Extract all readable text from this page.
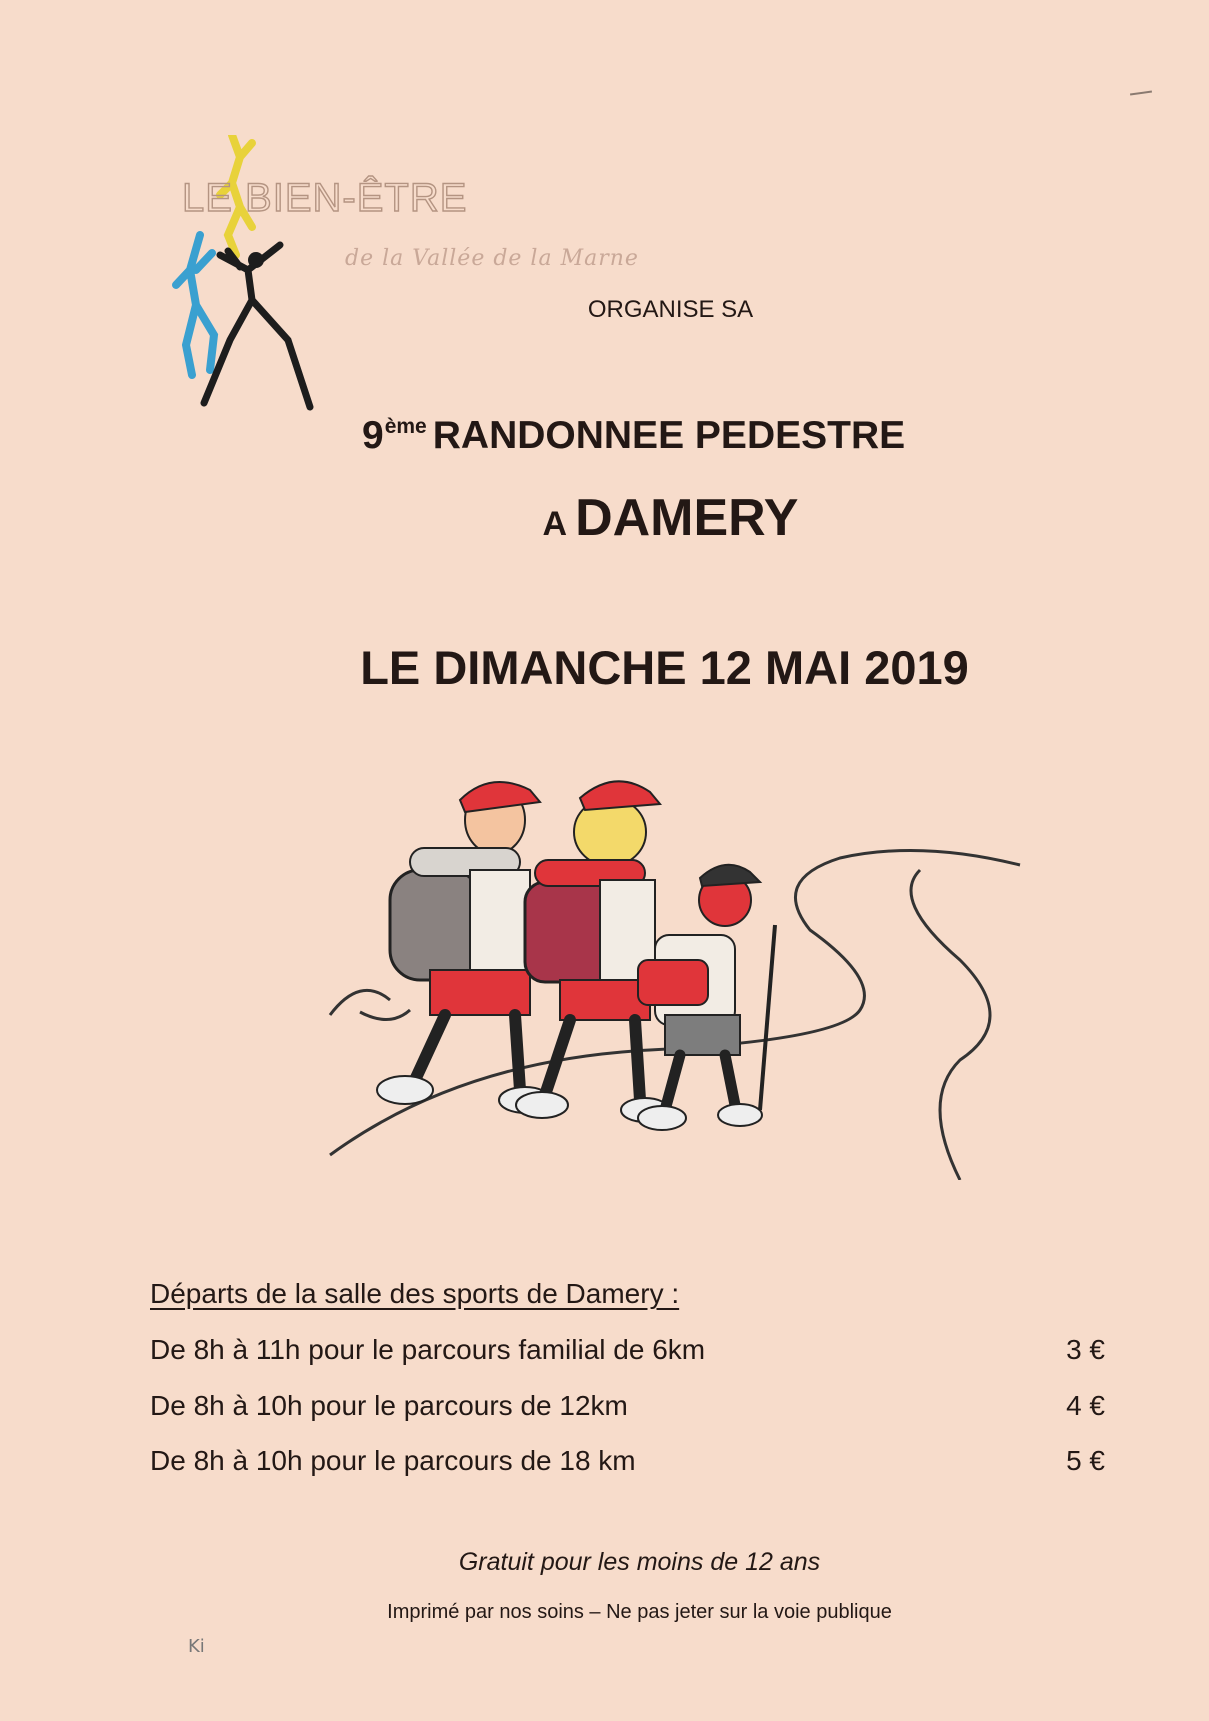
LE BIEN-ÊTRE
de la Vallée de la Marne
ORGANISE SA
9ème RANDONNEE PEDESTRE
A DAMERY
LE DIMANCHE 12 MAI 2019
Départs de la salle des sports de Damery :
De 8h à 11h pour le parcours familial de 6km	3 €
De 8h à 10h pour le parcours de 12km	4 €
De 8h à 10h pour le parcours de 18 km	5 €
Gratuit pour les moins de 12 ans
Imprimé par nos soins – Ne pas jeter sur la voie publique
Ki
